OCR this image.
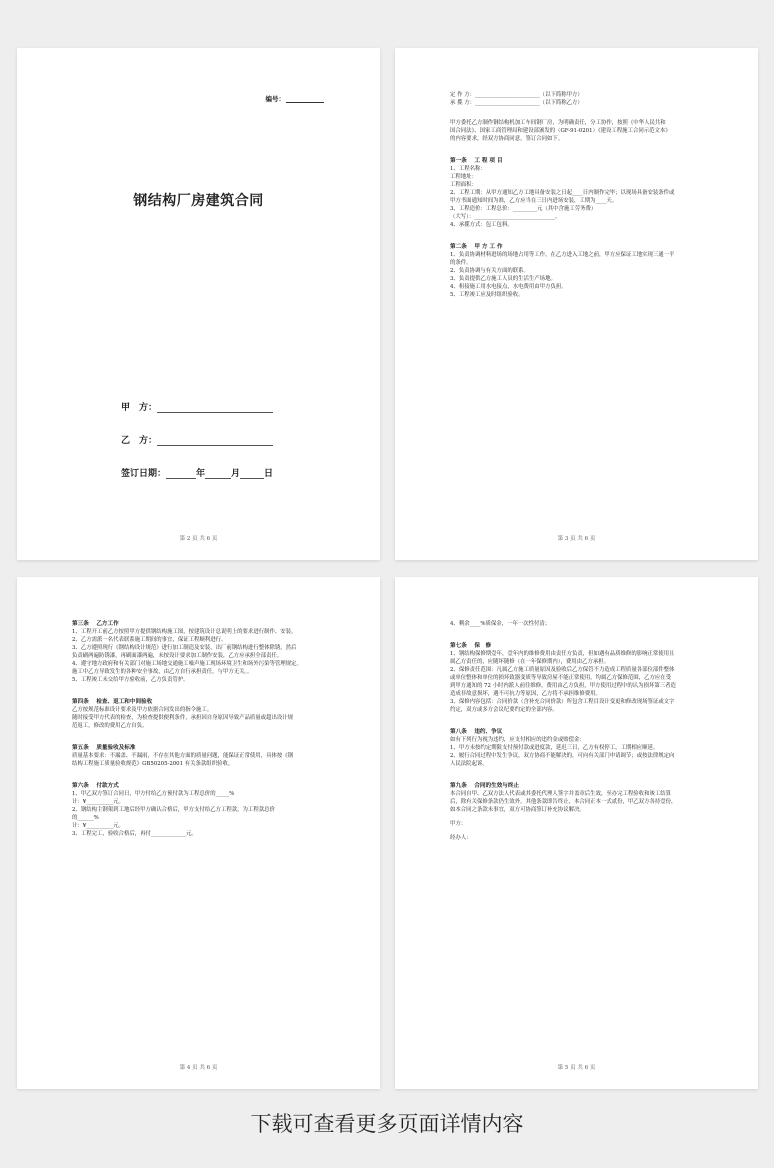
编号：
钢结构厂房建筑合同
甲　方：
乙　方：
签订日期：	年	月	日
第 2 页 共 6 页
定 作 方：________________________（以下简称甲方）
承 揽 方：________________________（以下简称乙方）
甲方委托乙方制作钢结构机加工车间钢厂房，为明确责任，分工协作，按照《中华人民共和
国合同法》、国家工商管理局和建设部颁发的（GF-91-0201）《建设工程施工合同示范文本》
的内容要求，经双方协商同意，签订合同如下。
第一条　 工 程 项 目
1、工程名称：
工程地址：
工程面积：
2、工程工期：从甲方通知乙方工地具备安装之日起____日内制作完毕；以现场具备安装条件或
甲方书面通知时间为准，乙方应当在三日内进场安装，工期为____天。
3、工程造价：工程总价：_________元（其中含施工劳务费）
（大写）：______________________________。
4、承揽方式：包工包料。
第二条　 甲 方 工 作
1、负责协调材料进场的场地占用等工作，在乙方进入工地之前，甲方应保证工地实现三通一平
的条件。
2、负责协调与有关方面的联系。
3、负责提供乙方施工人员的生活生产场地。
4、租接施工用水电接点，水电费用由甲方负担。
5、工程竣工应及时组织验收。
第 3 页 共 6 页
第三条　 乙方工作
1、工程开工前乙方按照甲方提供钢结构施工图，按建筑设计总说明上的要求进行制作、安装。
2、乙方需派一名代表联系施工期间的事宜，保证工程顺利进行。
3、乙方遵照现行《钢结构设计规范》进行加工制造及安装，出厂前钢结构进行整体除锈，然后
负责刷两遍防锈漆，再刷面漆两遍，未按设计要求加工制作安装，乙方应承担全部责任。
4、遵守地方政府和有关部门对施工场地交通施工噪声施工现场环境卫生和场外污染等管理规定。
施工中乙方导致发生的各种安全事故，由乙方自行承担责任，与甲方无关。。
5、工程竣工未交给甲方验收前，乙方负责管护。
第四条　 检查、返工和中间验收
乙方按规范标准设计要求及甲方依据合同发出的指令施工。
随时接受甲方代表的检查，为检查提供便利条件，承担因自身原因导致产品质量或超出设计规
范返工，修改的费用乙方自负。
第五条　 质量验收及标准
质量基本要求：不漏盖、不漏雨，不存在其他方面的质量问题，能保证正常使用，具体按《钢
结构工程施工质量验收规范》GB50205-2001 有关条款组织验收。
第六条　 付款方式
1、甲乙双方签订合同日，甲方付给乙方预付款为工程总价的_____%
计：¥__________元。
2、钢结构主钢架到工地后经甲方确认合格后，甲方支付给乙方工程款，为工程款总价
的______%
计：¥__________元。
3、工程完工，验收合格后，再付_____________元。
第 4 页 共 6 页
4、剩余____%质保金，一年一次性付清；
第七条　 保　修
1、钢结构保修期壹年，壹年内的维修费用由责任方负责，但如遇有品质维修的影响正常使用且
属乙方责任的，应随坏随修（在一年保修期内），费用由乙方承担。
2、保修责任范围：凡属乙方施工质量原因及验收后乙方保管不力造成工程质量各部位部件整体
或单位整体和单位的损坏致器变质等导致房屋不能正常使用，均属乙方保修范围，乙方应在受
到甲方通知的 72 小时内派人前往维修，费用由乙方负担，甲方使用过程中的认为损坏第三者造
造成非故意损坏，遇不可抗力等原因，乙方将不承担维修费用。
3、保修内容包括：合同价款（含补充合同价款）所包含工程目设计变更和修改现场签证或文字
约定，双方或多方会议纪要约定的全部内容。
第八条　 违约、争议
如有下列行为视为违约，应支付相应的违约金或赔偿金：
1、甲方未按约定期限支付预付款或进度款，延迟三日，乙方有权停工，工期相应顺延。
2、履行合同过程中发生争议，双方协商不能解决的，可向有关部门申请调节；或按法律规定向
人民法院起诉。
第九条　 合同的生效与终止
本合同自甲、乙双方法人代表或其委托代理人签字并盖章后生效，至办完工程验收和竣工结算
后，除有关保修条款仍生效外，其他条款即告终止，本合同正本一式贰份，甲乙双方各持壹份，
如本合同之条款未事宜，双方可协商签订补充协议解决。
甲方：
经办人：
第 5 页 共 6 页
下载可查看更多页面详情内容
